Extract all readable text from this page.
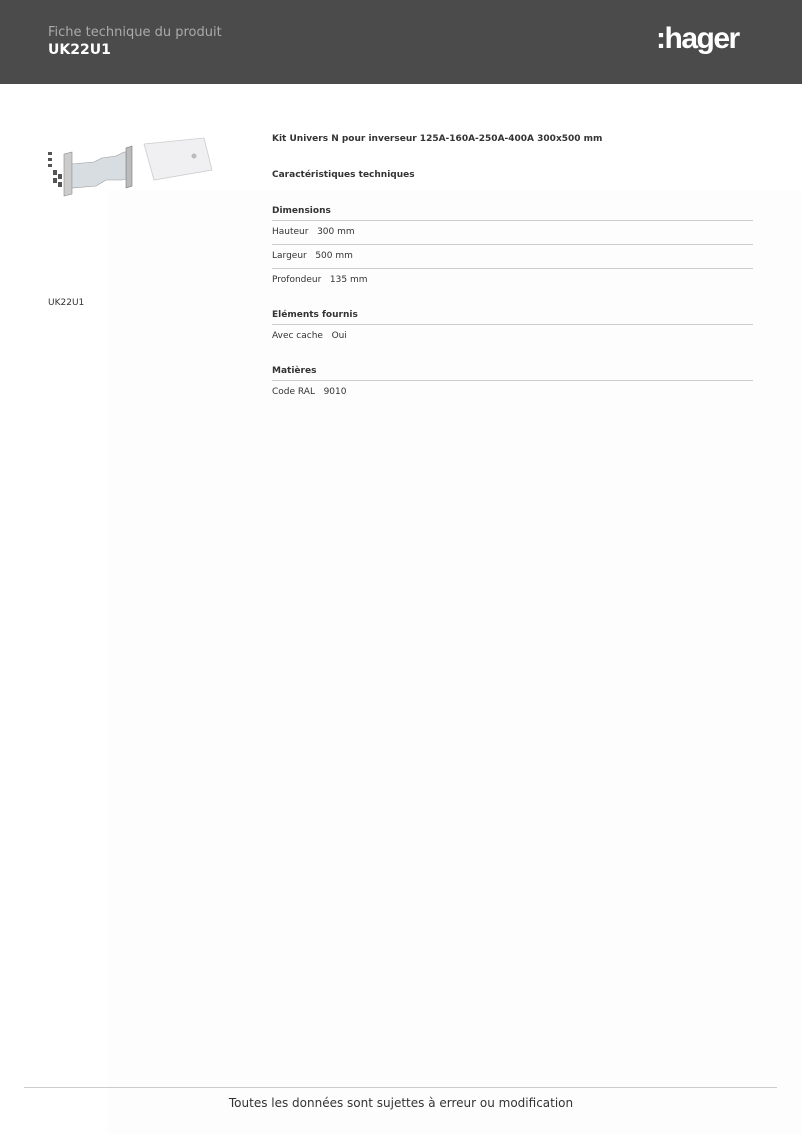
Fiche technique du produit
UK22U1	:hager
UK22U1
Kit Univers N pour inverseur 125A-160A-250A-400A 300x500 mm
Caractéristiques techniques
Dimensions
Hauteur 300 mm
Largeur 500 mm
Profondeur 135 mm
Eléments fournis
Avec cache Oui
Matières
Code RAL 9010
Toutes les données sont sujettes à erreur ou modification
